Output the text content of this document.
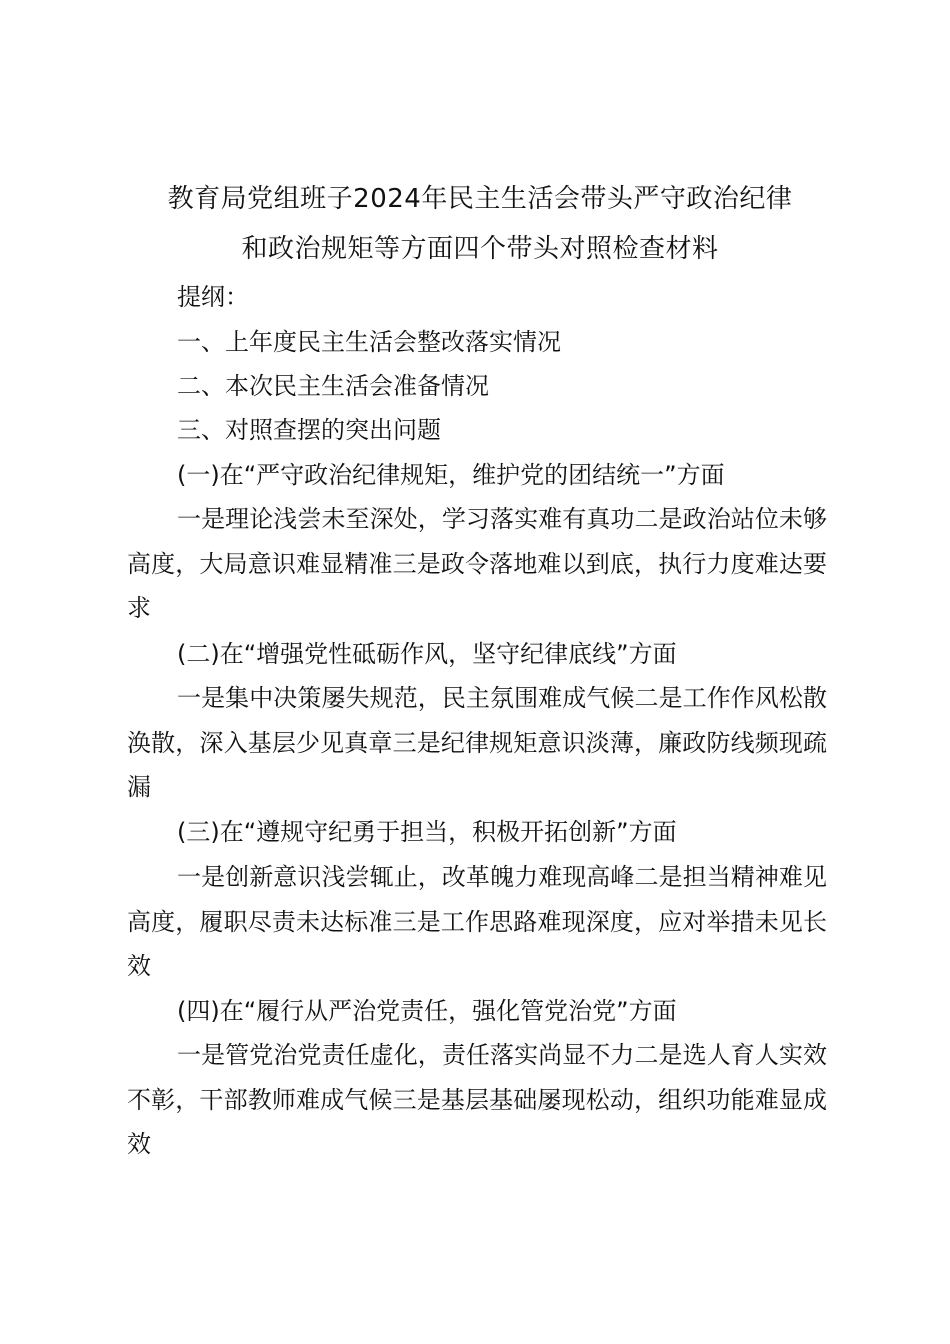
教育局党组班子2024年民主生活会带头严守政治纪律
和政治规矩等方面四个带头对照检查材料

提纲：

一、上年度民主生活会整改落实情况

二、本次民主生活会准备情况

三、对照查摆的突出问题

(一)在“严守政治纪律规矩，维护党的团结统一”方面

一是理论浅尝未至深处，学习落实难有真功二是政治站位未够高度，大局意识难显精准三是政令落地难以到底，执行力度难达要求

(二)在“增强党性砥砺作风，坚守纪律底线”方面

一是集中决策屡失规范，民主氛围难成气候二是工作作风松散涣散，深入基层少见真章三是纪律规矩意识淡薄，廉政防线频现疏漏

(三)在“遵规守纪勇于担当，积极开拓创新”方面

一是创新意识浅尝辄止，改革魄力难现高峰二是担当精神难见高度，履职尽责未达标准三是工作思路难现深度，应对举措未见长效

(四)在“履行从严治党责任，强化管党治党”方面

一是管党治党责任虚化，责任落实尚显不力二是选人育人实效不彰，干部教师难成气候三是基层基础屡现松动，组织功能难显成效
